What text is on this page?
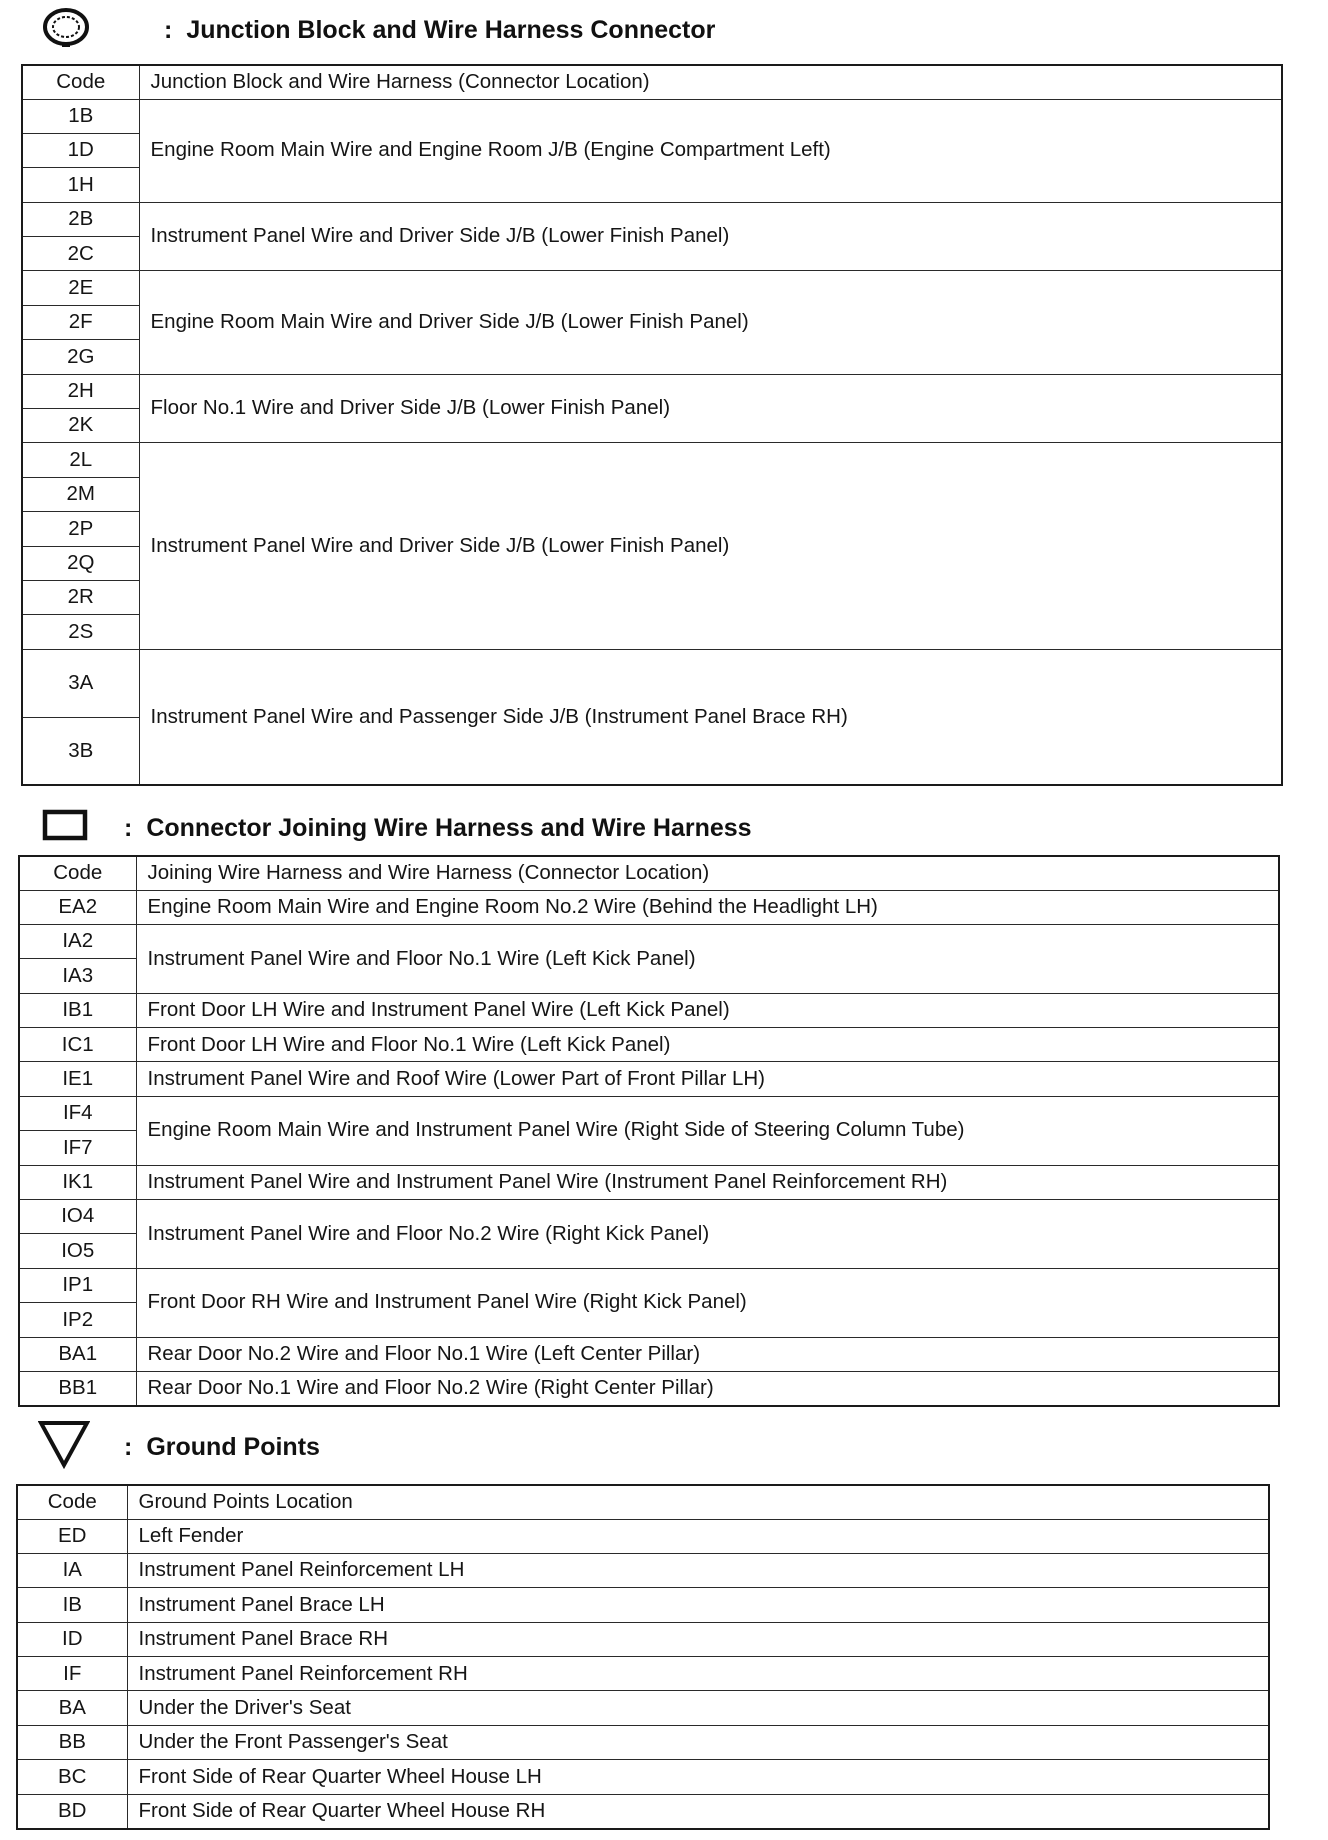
: Junction Block and Wire Harness Connector
Code	Junction Block and Wire Harness (Connector Location)
1B	Engine Room Main Wire and Engine Room J/B (Engine Compartment Left)
1D	
1H	
2B	Instrument Panel Wire and Driver Side J/B (Lower Finish Panel)
2C	
2E	Engine Room Main Wire and Driver Side J/B (Lower Finish Panel)
2F	
2G	
2H	Floor No.1 Wire and Driver Side J/B (Lower Finish Panel)
2K	
2L	Instrument Panel Wire and Driver Side J/B (Lower Finish Panel)
2M	
2P	
2Q	
2R	
2S	
3A	Instrument Panel Wire and Passenger Side J/B (Instrument Panel Brace RH)
3B	
: Connector Joining Wire Harness and Wire Harness
Code	Joining Wire Harness and Wire Harness (Connector Location)
EA2	Engine Room Main Wire and Engine Room No.2 Wire (Behind the Headlight LH)
IA2	Instrument Panel Wire and Floor No.1 Wire (Left Kick Panel)
IA3	
IB1	Front Door LH Wire and Instrument Panel Wire (Left Kick Panel)
IC1	Front Door LH Wire and Floor No.1 Wire (Left Kick Panel)
IE1	Instrument Panel Wire and Roof Wire (Lower Part of Front Pillar LH)
IF4	Engine Room Main Wire and Instrument Panel Wire (Right Side of Steering Column Tube)
IF7	
IK1	Instrument Panel Wire and Instrument Panel Wire (Instrument Panel Reinforcement RH)
IO4	Instrument Panel Wire and Floor No.2 Wire (Right Kick Panel)
IO5	
IP1	Front Door RH Wire and Instrument Panel Wire (Right Kick Panel)
IP2	
BA1	Rear Door No.2 Wire and Floor No.1 Wire (Left Center Pillar)
BB1	Rear Door No.1 Wire and Floor No.2 Wire (Right Center Pillar)
: Ground Points
Code	Ground Points Location
ED	Left Fender
IA	Instrument Panel Reinforcement LH
IB	Instrument Panel Brace LH
ID	Instrument Panel Brace RH
IF	Instrument Panel Reinforcement RH
BA	Under the Driver's Seat
BB	Under the Front Passenger's Seat
BC	Front Side of Rear Quarter Wheel House LH
BD	Front Side of Rear Quarter Wheel House RH
